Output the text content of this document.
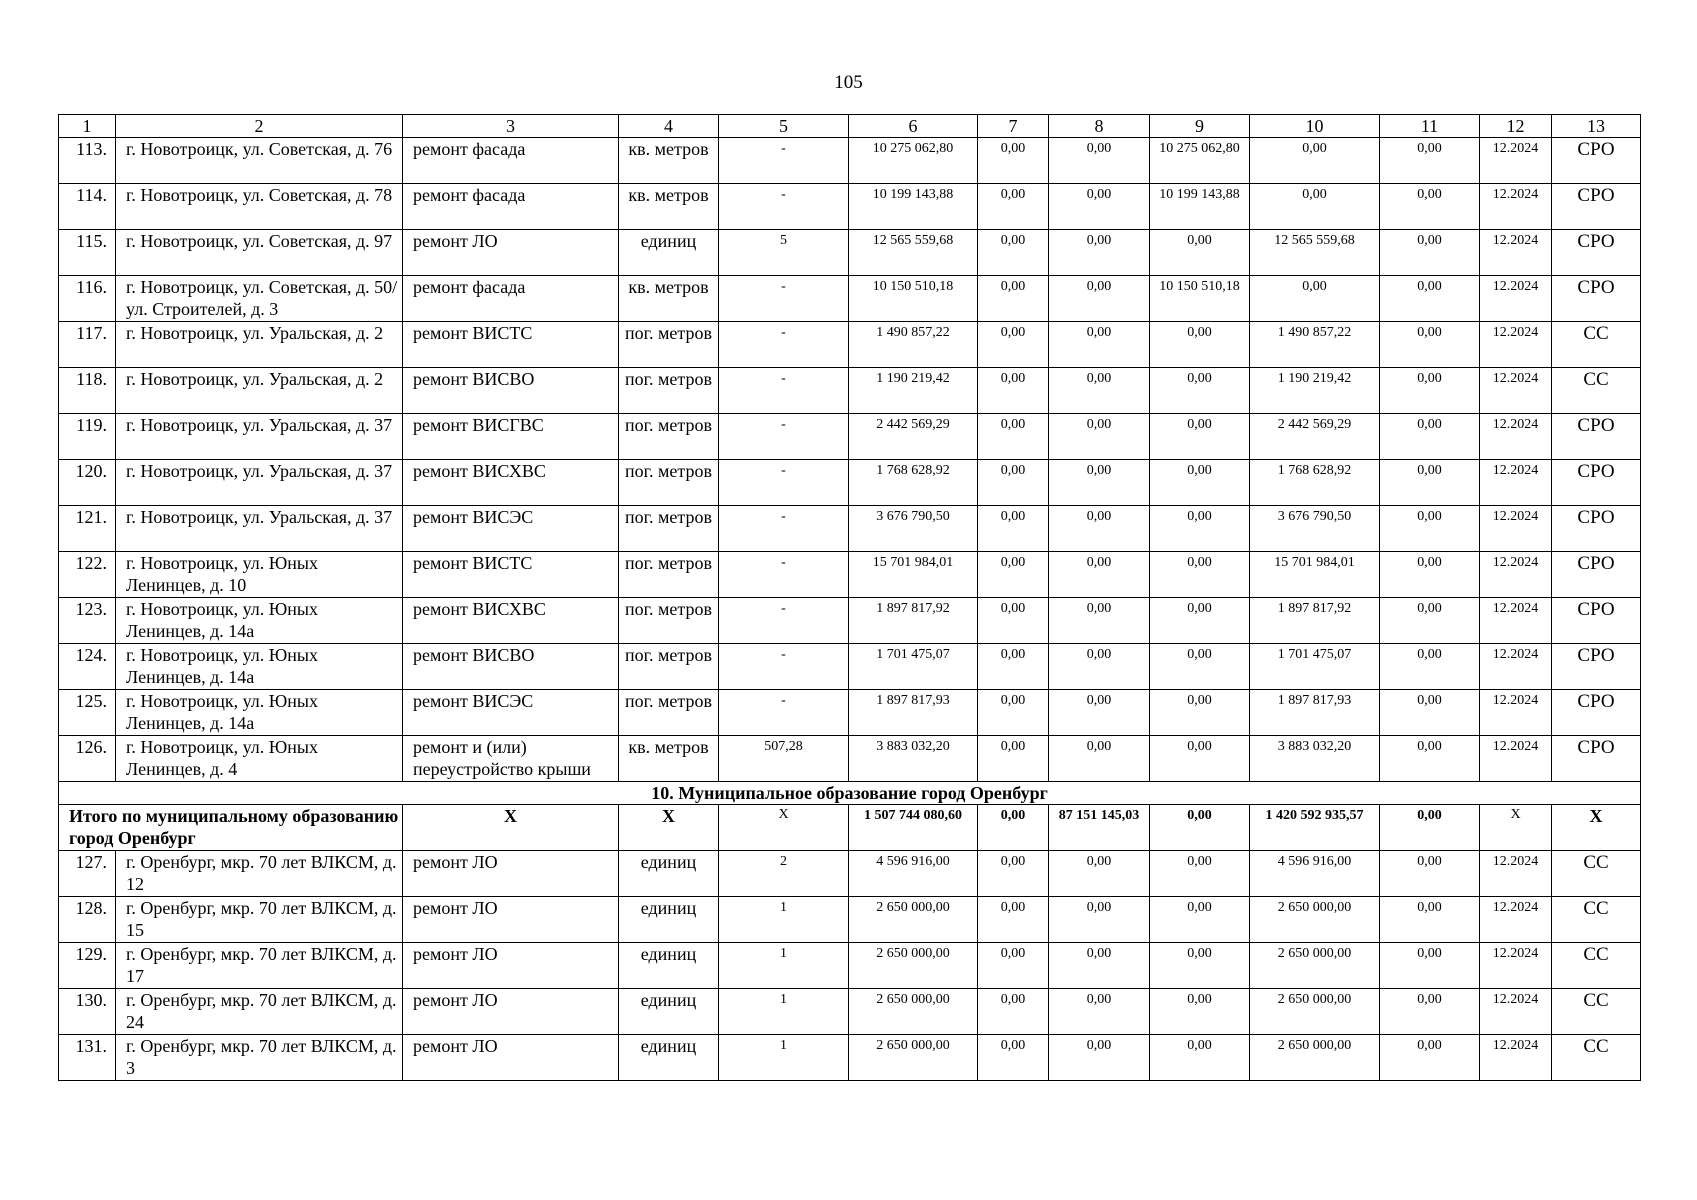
105
1	2	3	4	5	6	7	8	9	10	11	12	13
113.	г. Новотроицк, ул. Советская, д. 76	ремонт фасада	кв. метров	-	10 275 062,80	0,00	0,00	10 275 062,80	0,00	0,00	12.2024	СРО
114.	г. Новотроицк, ул. Советская, д. 78	ремонт фасада	кв. метров	-	10 199 143,88	0,00	0,00	10 199 143,88	0,00	0,00	12.2024	СРО
115.	г. Новотроицк, ул. Советская, д. 97	ремонт ЛО	единиц	5	12 565 559,68	0,00	0,00	0,00	12 565 559,68	0,00	12.2024	СРО
116.	г. Новотроицк, ул. Советская, д. 50/ул. Строителей, д. 3	ремонт фасада	кв. метров	-	10 150 510,18	0,00	0,00	10 150 510,18	0,00	0,00	12.2024	СРО
117.	г. Новотроицк, ул. Уральская, д. 2	ремонт ВИСТС	пог. метров	-	1 490 857,22	0,00	0,00	0,00	1 490 857,22	0,00	12.2024	СС
118.	г. Новотроицк, ул. Уральская, д. 2	ремонт ВИСВО	пог. метров	-	1 190 219,42	0,00	0,00	0,00	1 190 219,42	0,00	12.2024	СС
119.	г. Новотроицк, ул. Уральская, д. 37	ремонт ВИСГВС	пог. метров	-	2 442 569,29	0,00	0,00	0,00	2 442 569,29	0,00	12.2024	СРО
120.	г. Новотроицк, ул. Уральская, д. 37	ремонт ВИСХВС	пог. метров	-	1 768 628,92	0,00	0,00	0,00	1 768 628,92	0,00	12.2024	СРО
121.	г. Новотроицк, ул. Уральская, д. 37	ремонт ВИСЭС	пог. метров	-	3 676 790,50	0,00	0,00	0,00	3 676 790,50	0,00	12.2024	СРО
122.	г. Новотроицк, ул. Юных Ленинцев, д. 10	ремонт ВИСТС	пог. метров	-	15 701 984,01	0,00	0,00	0,00	15 701 984,01	0,00	12.2024	СРО
123.	г. Новотроицк, ул. Юных Ленинцев, д. 14а	ремонт ВИСХВС	пог. метров	-	1 897 817,92	0,00	0,00	0,00	1 897 817,92	0,00	12.2024	СРО
124.	г. Новотроицк, ул. Юных Ленинцев, д. 14а	ремонт ВИСВО	пог. метров	-	1 701 475,07	0,00	0,00	0,00	1 701 475,07	0,00	12.2024	СРО
125.	г. Новотроицк, ул. Юных Ленинцев, д. 14а	ремонт ВИСЭС	пог. метров	-	1 897 817,93	0,00	0,00	0,00	1 897 817,93	0,00	12.2024	СРО
126.	г. Новотроицк, ул. Юных Ленинцев, д. 4	ремонт и (или) переустройство крыши	кв. метров	507,28	3 883 032,20	0,00	0,00	0,00	3 883 032,20	0,00	12.2024	СРО
10. Муниципальное образование город Оренбург												
Итого по муниципальному образованию город Оренбург		X	X	X	1 507 744 080,60	0,00	87 151 145,03	0,00	1 420 592 935,57	0,00	X	X
127.	г. Оренбург, мкр. 70 лет ВЛКСМ, д. 12	ремонт ЛО	единиц	2	4 596 916,00	0,00	0,00	0,00	4 596 916,00	0,00	12.2024	СС
128.	г. Оренбург, мкр. 70 лет ВЛКСМ, д. 15	ремонт ЛО	единиц	1	2 650 000,00	0,00	0,00	0,00	2 650 000,00	0,00	12.2024	СС
129.	г. Оренбург, мкр. 70 лет ВЛКСМ, д. 17	ремонт ЛО	единиц	1	2 650 000,00	0,00	0,00	0,00	2 650 000,00	0,00	12.2024	СС
130.	г. Оренбург, мкр. 70 лет ВЛКСМ, д. 24	ремонт ЛО	единиц	1	2 650 000,00	0,00	0,00	0,00	2 650 000,00	0,00	12.2024	СС
131.	г. Оренбург, мкр. 70 лет ВЛКСМ, д. 3	ремонт ЛО	единиц	1	2 650 000,00	0,00	0,00	0,00	2 650 000,00	0,00	12.2024	СС
